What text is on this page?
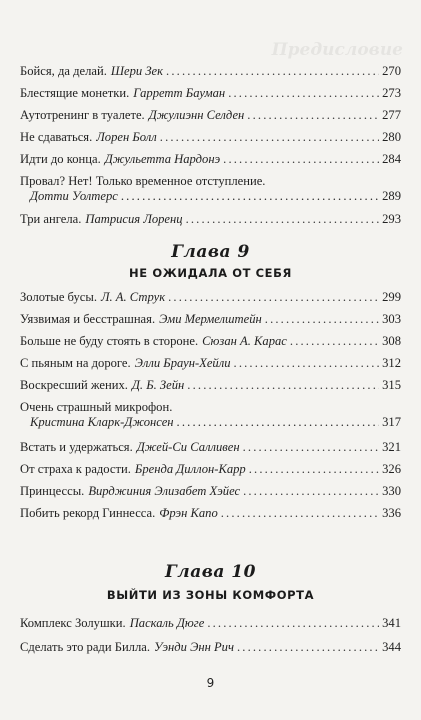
Предисловие
Бойся, да делай. Шери Зек . . .	270
Блестящие монетки. Гарретт Бауман . . .	273
Аутотренинг в туалете. Джулиэнн Селден . . .	277
Не сдаваться. Лорен Болл . . .	280
Идти до конца. Джульетта Нардонэ . . .	284
Провал? Нет! Только временное отступление.
Дотти Уолтерс . . .	289
Три ангела. Патрисия Лоренц . . .	293
Глава 9
НЕ ОЖИДАЛА ОТ СЕБЯ
Золотые бусы. Л. А. Струк . . .	299
Уязвимая и бесстрашная. Эми Мермелштейн . . .	303
Больше не буду стоять в стороне. Сюзан А. Карас . . .	308
С пьяным на дороге. Элли Браун-Хейли . . .	312
Воскресший жених. Д. Б. Зейн . . .	315
Очень страшный микрофон.
Кристина Кларк-Джонсен . . .	317
Встать и удержаться. Джей-Си Салливен . . .	321
От страха к радости. Бренда Диллон-Карр . . .	326
Принцессы. Вирджиния Элизабет Хэйес . . .	330
Побить рекорд Гиннесса. Фрэн Капо . . .	336
Глава 10
ВЫЙТИ ИЗ ЗОНЫ КОМФОРТА
Комплекс Золушки. Паскаль Дюге . . .	341
Сделать это ради Билла. Уэнди Энн Рич . . .	344
9
